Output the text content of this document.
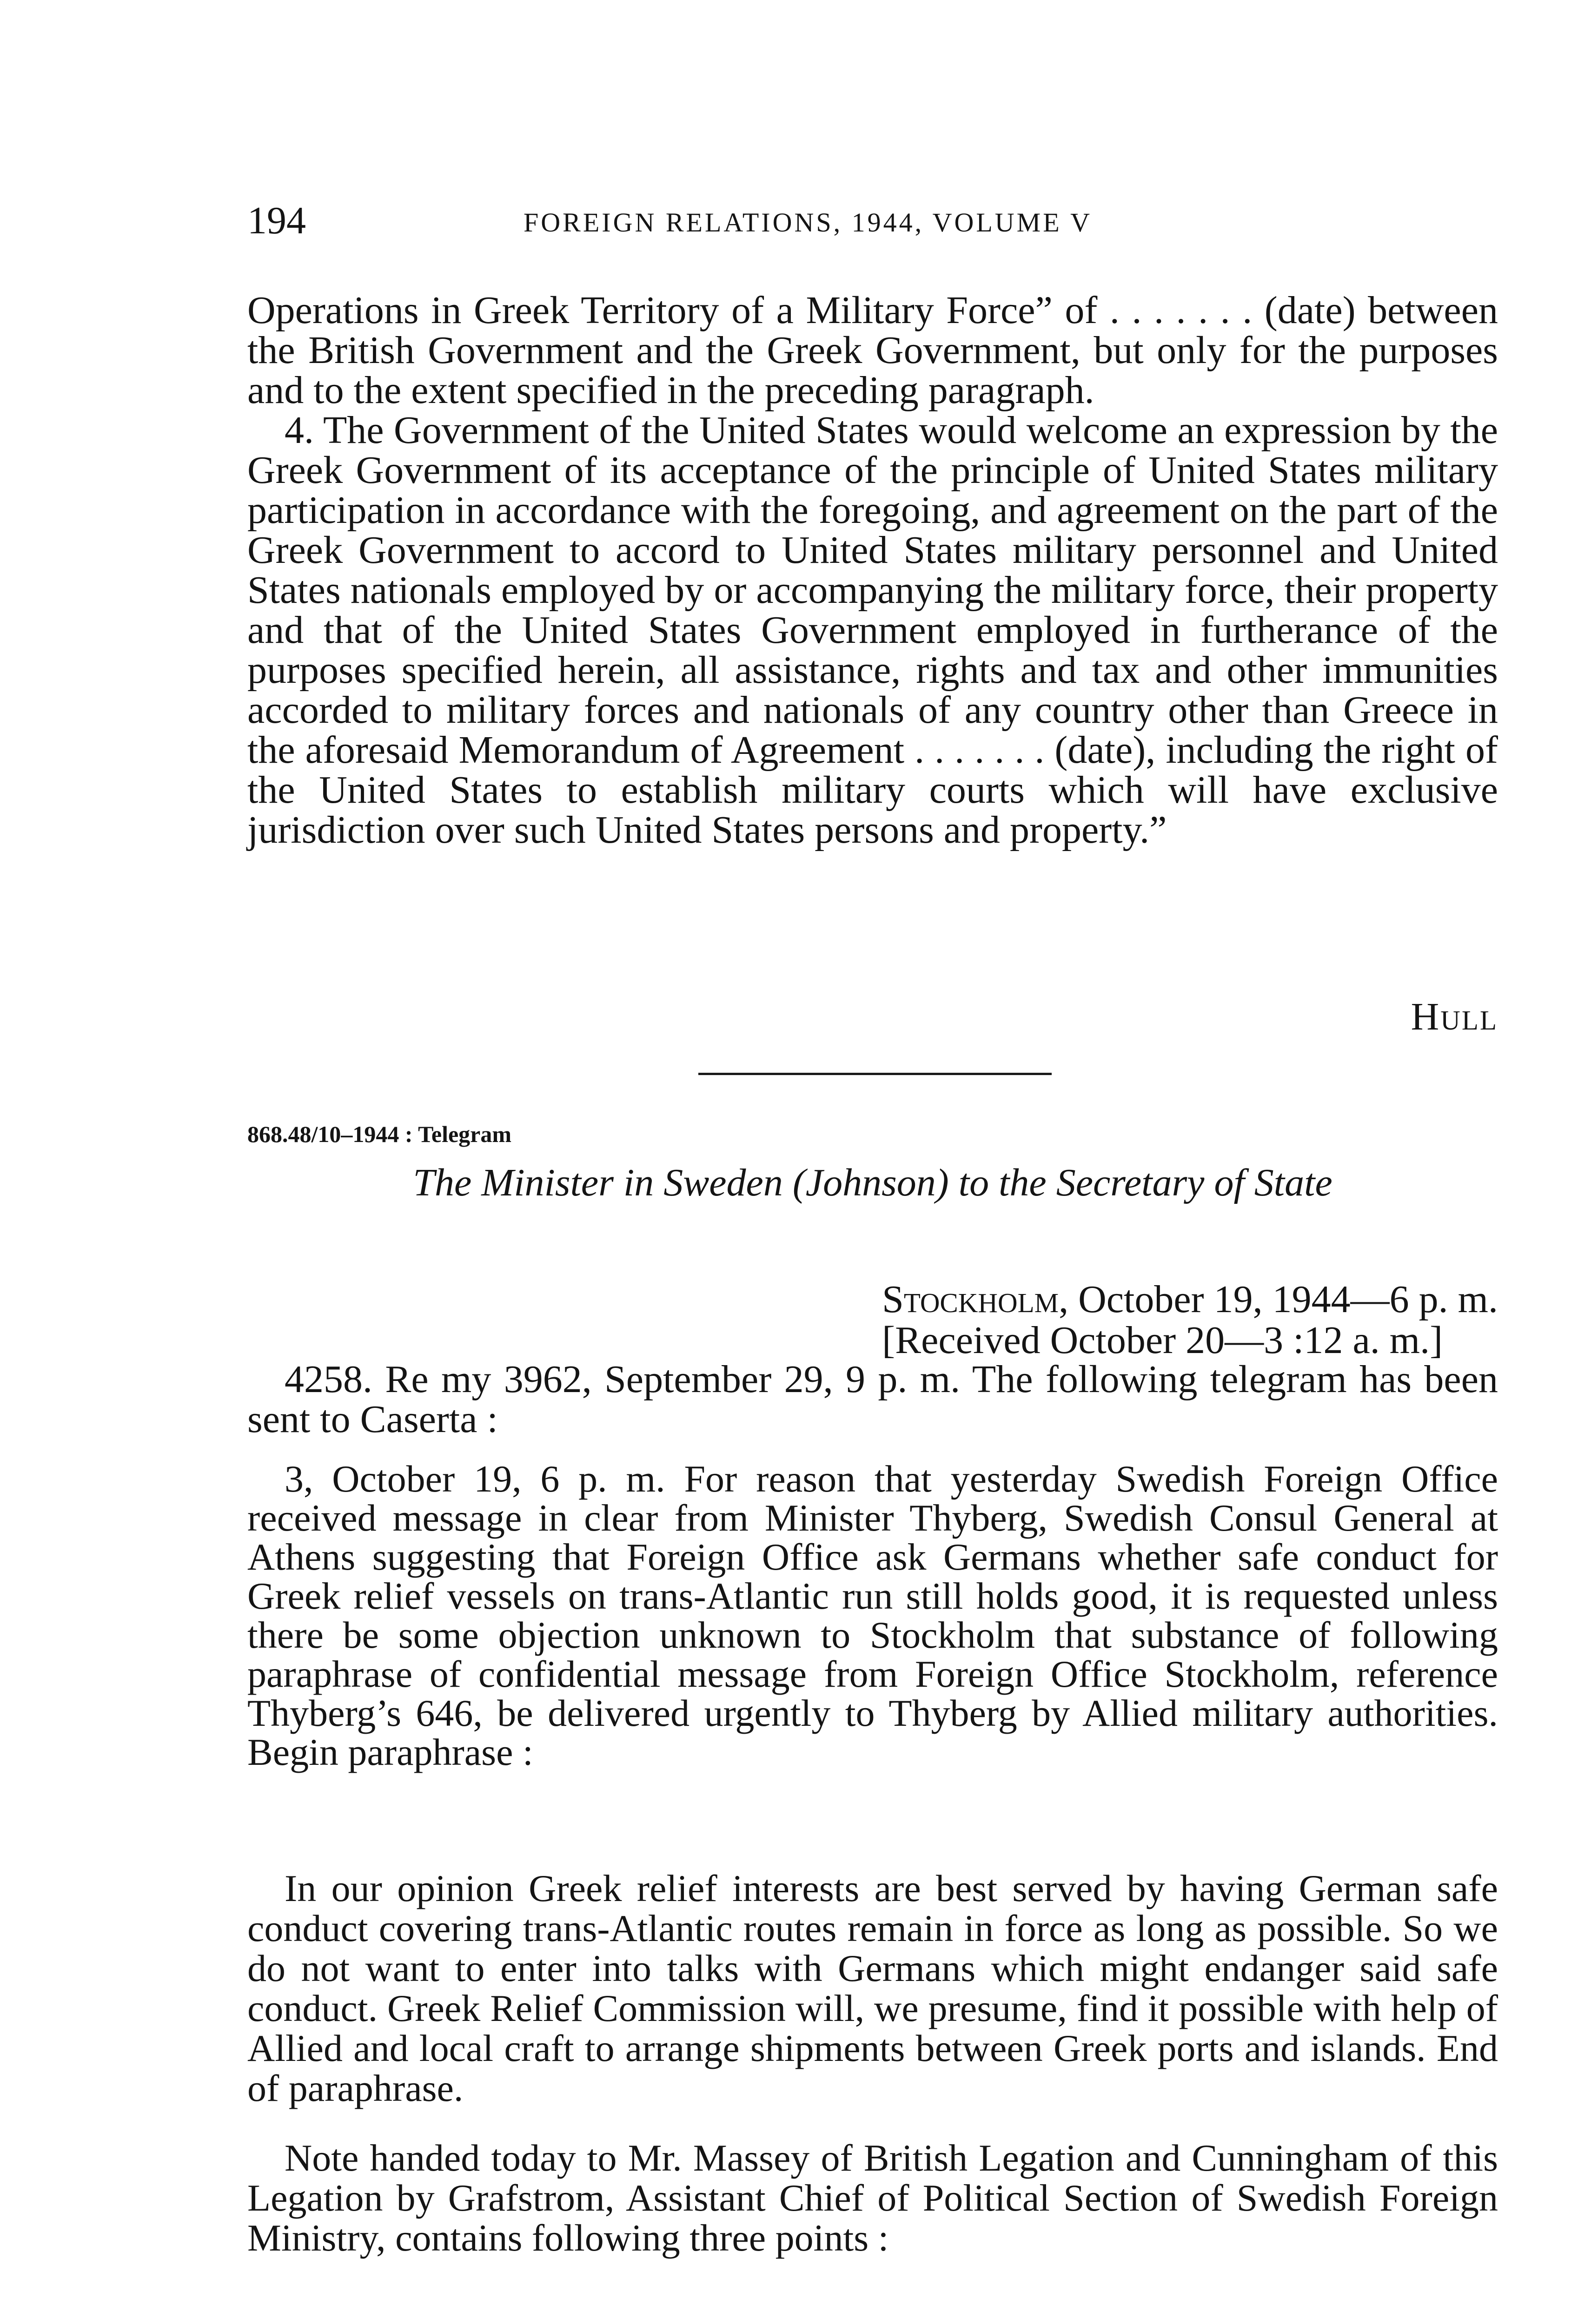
194	FOREIGN RELATIONS, 1944, VOLUME V

Operations in Greek Territory of a Military Force” of . . . . . . . (date) between the British Government and the Greek Government, but only for the purposes and to the extent specified in the preceding paragraph.

4. The Government of the United States would welcome an expression by the Greek Government of its acceptance of the principle of United States military participation in accordance with the foregoing, and agreement on the part of the Greek Government to accord to United States military personnel and United States nationals employed by or accompanying the military force, their property and that of the United States Government employed in furtherance of the purposes specified herein, all assistance, rights and tax and other immunities accorded to military forces and nationals of any country other than Greece in the aforesaid Memorandum of Agreement . . . . . . . (date), including the right of the United States to establish military courts which will have exclusive jurisdiction over such United States persons and property.”

Hull
868.48/10–1944 : Telegram
The Minister in Sweden (Johnson) to the Secretary of State
Stockholm, October 19, 1944—6 p. m.
[Received October 20—3 :12 a. m.]

4258. Re my 3962, September 29, 9 p. m. The following telegram has been sent to Caserta :

3, October 19, 6 p. m. For reason that yesterday Swedish Foreign Office received message in clear from Minister Thyberg, Swedish Consul General at Athens suggesting that Foreign Office ask Germans whether safe conduct for Greek relief vessels on trans-Atlantic run still holds good, it is requested unless there be some objection unknown to Stockholm that substance of following paraphrase of confidential message from Foreign Office Stockholm, reference Thyberg’s 646, be delivered urgently to Thyberg by Allied military authorities. Begin paraphrase :

In our opinion Greek relief interests are best served by having German safe conduct covering trans-Atlantic routes remain in force as long as possible. So we do not want to enter into talks with Germans which might endanger said safe conduct. Greek Relief Commission will, we presume, find it possible with help of Allied and local craft to arrange shipments between Greek ports and islands. End of paraphrase.

Note handed today to Mr. Massey of British Legation and Cunningham of this Legation by Grafstrom, Assistant Chief of Political Section of Swedish Foreign Ministry, contains following three points :
